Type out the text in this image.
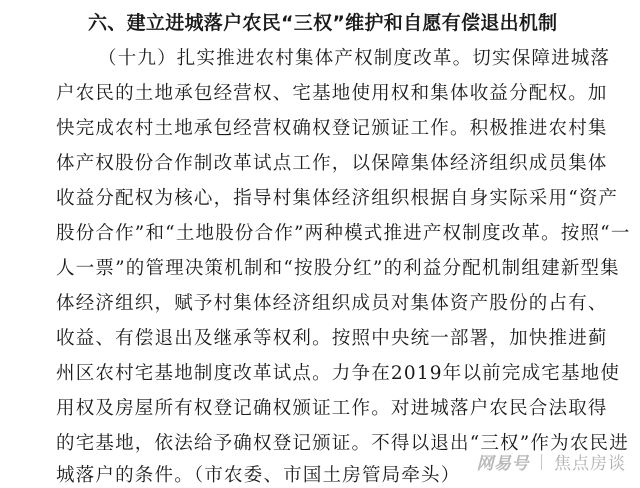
六、建立进城落户农民“三权”维护和自愿有偿退出机制
（十九）扎实推进农村集体产权制度改革。切实保障进城落
户农民的土地承包经营权、宅基地使用权和集体收益分配权。加
快完成农村土地承包经营权确权登记颁证工作。积极推进农村集
体产权股份合作制改革试点工作，以保障集体经济组织成员集体
收益分配权为核心，指导村集体经济组织根据自身实际采用“资产
股份合作”和“土地股份合作”两种模式推进产权制度改革。按照“一
人一票”的管理决策机制和“按股分红”的利益分配机制组建新型集
体经济组织，赋予村集体经济组织成员对集体资产股份的占有、
收益、有偿退出及继承等权利。按照中央统一部署，加快推进蓟
州区农村宅基地制度改革试点。力争在2019年以前完成宅基地使
用权及房屋所有权登记确权颁证工作。对进城落户农民合法取得
的宅基地，依法给予确权登记颁证。不得以退出“三权”作为农民进
城落户的条件。（市农委、市国土房管局牵头）
网易号 焦点房谈
